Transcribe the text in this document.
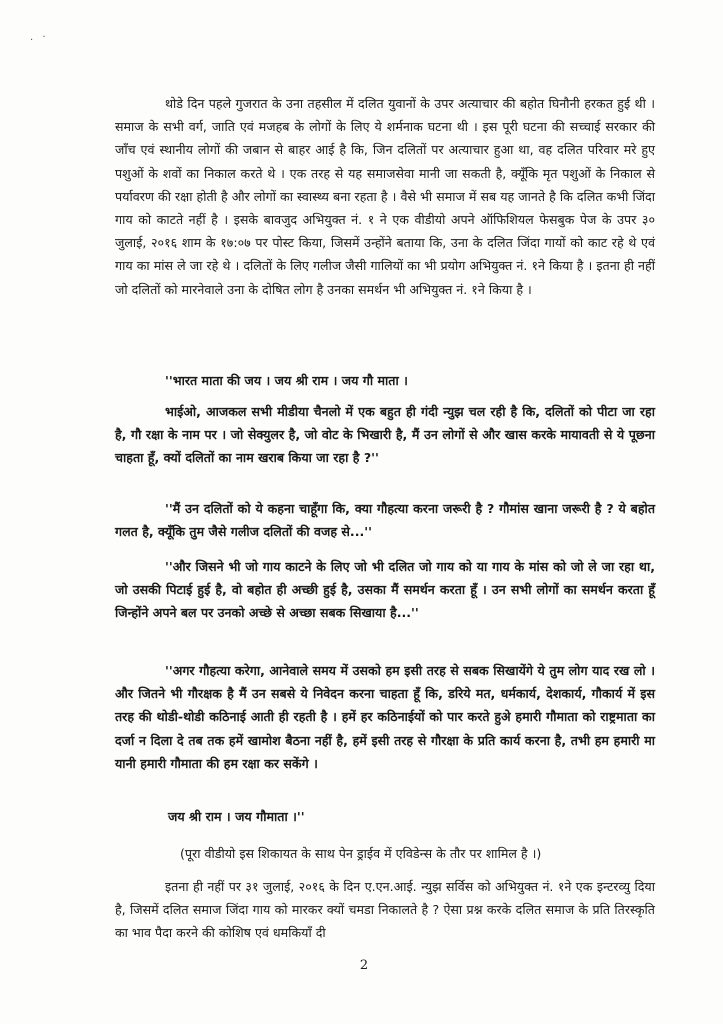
. ·

थोडे दिन पहले गुजरात के उना तहसील में दलित युवानों के उपर अत्याचार की बहोत घिनौनी हरकत हुई थी । समाज के सभी वर्ग, जाति एवं मजहब के लोगों के लिए ये शर्मनाक घटना थी । इस पूरी घटना की सच्चाई सरकार की जाँच एवं स्थानीय लोगों की जबान से बाहर आई है कि, जिन दलितों पर अत्याचार हुआ था, वह दलित परिवार मरे हुए पशुओं के शवों का निकाल करते थे । एक तरह से यह समाजसेवा मानी जा सकती है, क्यूँकि मृत पशुओं के निकाल से पर्यावरण की रक्षा होती है और लोगों का स्वास्थ्य बना रहता है । वैसे भी समाज में सब यह जानते है कि दलित कभी जिंदा गाय को काटते नहीं है । इसके बावजुद अभियुक्त नं. १ ने एक वीडीयो अपने ऑफिशियल फेसबुक पेज के उपर ३० जुलाई, २०१६ शाम के १७:०७ पर पोस्ट किया, जिसमें उन्होंने बताया कि, उना के दलित जिंदा गायों को काट रहे थे एवं गाय का मांस ले जा रहे थे । दलितों के लिए गलीज जैसी गालियों का भी प्रयोग अभियुक्त नं. १ने किया है । इतना ही नहीं जो दलितों को मारनेवाले उना के दोषित लोग है उनका समर्थन भी अभियुक्त नं. १ने किया है ।

''भारत माता की जय । जय श्री राम । जय गौ माता ।

भाईओ, आजकल सभी मीडीया चैनलो में एक बहुत ही गंदी न्युझ चल रही है कि, दलितों को पीटा जा रहा है, गौ रक्षा के नाम पर । जो सेक्युलर है, जो वोट के भिखारी है, मैं उन लोगों से और खास करके मायावती से ये पूछना चाहता हूँ, क्यों दलितों का नाम खराब किया जा रहा है ?''

''मैं उन दलितों को ये कहना चाहूँगा कि, क्या गौहत्या करना जरूरी है ? गौमांस खाना जरूरी है ? ये बहोत गलत है, क्यूँकि तुम जैसे गलीज दलितों की वजह से...''

''और जिसने भी जो गाय काटने के लिए जो भी दलित जो गाय को या गाय के मांस को जो ले जा रहा था, जो उसकी पिटाई हुई है, वो बहोत ही अच्छी हुई है, उसका मैं समर्थन करता हूँ । उन सभी लोगों का समर्थन करता हूँ जिन्होंने अपने बल पर उनको अच्छे से अच्छा सबक सिखाया है...''

''अगर गौहत्या करेगा, आनेवाले समय में उसको हम इसी तरह से सबक सिखायेंगे ये तुम लोग याद रख लो । और जितने भी गौरक्षक है मैं उन सबसे ये निवेदन करना चाहता हूँ कि, डरिये मत, धर्मकार्य, देशकार्य, गौकार्य में इस तरह की थोडी-थोडी कठिनाई आती ही रहती है । हमें हर कठिनाईयों को पार करते हुअे हमारी गौमाता को राष्ट्रमाता का दर्जा न दिला दे तब तक हमें खामोश बैठना नहीं है, हमें इसी तरह से गौरक्षा के प्रति कार्य करना है, तभी हम हमारी मा यानी हमारी गौमाता की हम रक्षा कर सकेंगे ।

जय श्री राम । जय गौमाता ।''

(पूरा वीडीयो इस शिकायत के साथ पेन ड्राईव में एविडेन्स के तौर पर शामिल है ।)

इतना ही नहीं पर ३१ जुलाई, २०१६ के दिन ए.एन.आई. न्युझ सर्विस को अभियुक्त नं. १ने एक इन्टरव्यु दिया है, जिसमें दलित समाज जिंदा गाय को मारकर क्यों चमडा निकालते है ? ऐसा प्रश्न करके दलित समाज के प्रति तिरस्कृति का भाव पैदा करने की कोशिष एवं धमकियाँ दी

2
